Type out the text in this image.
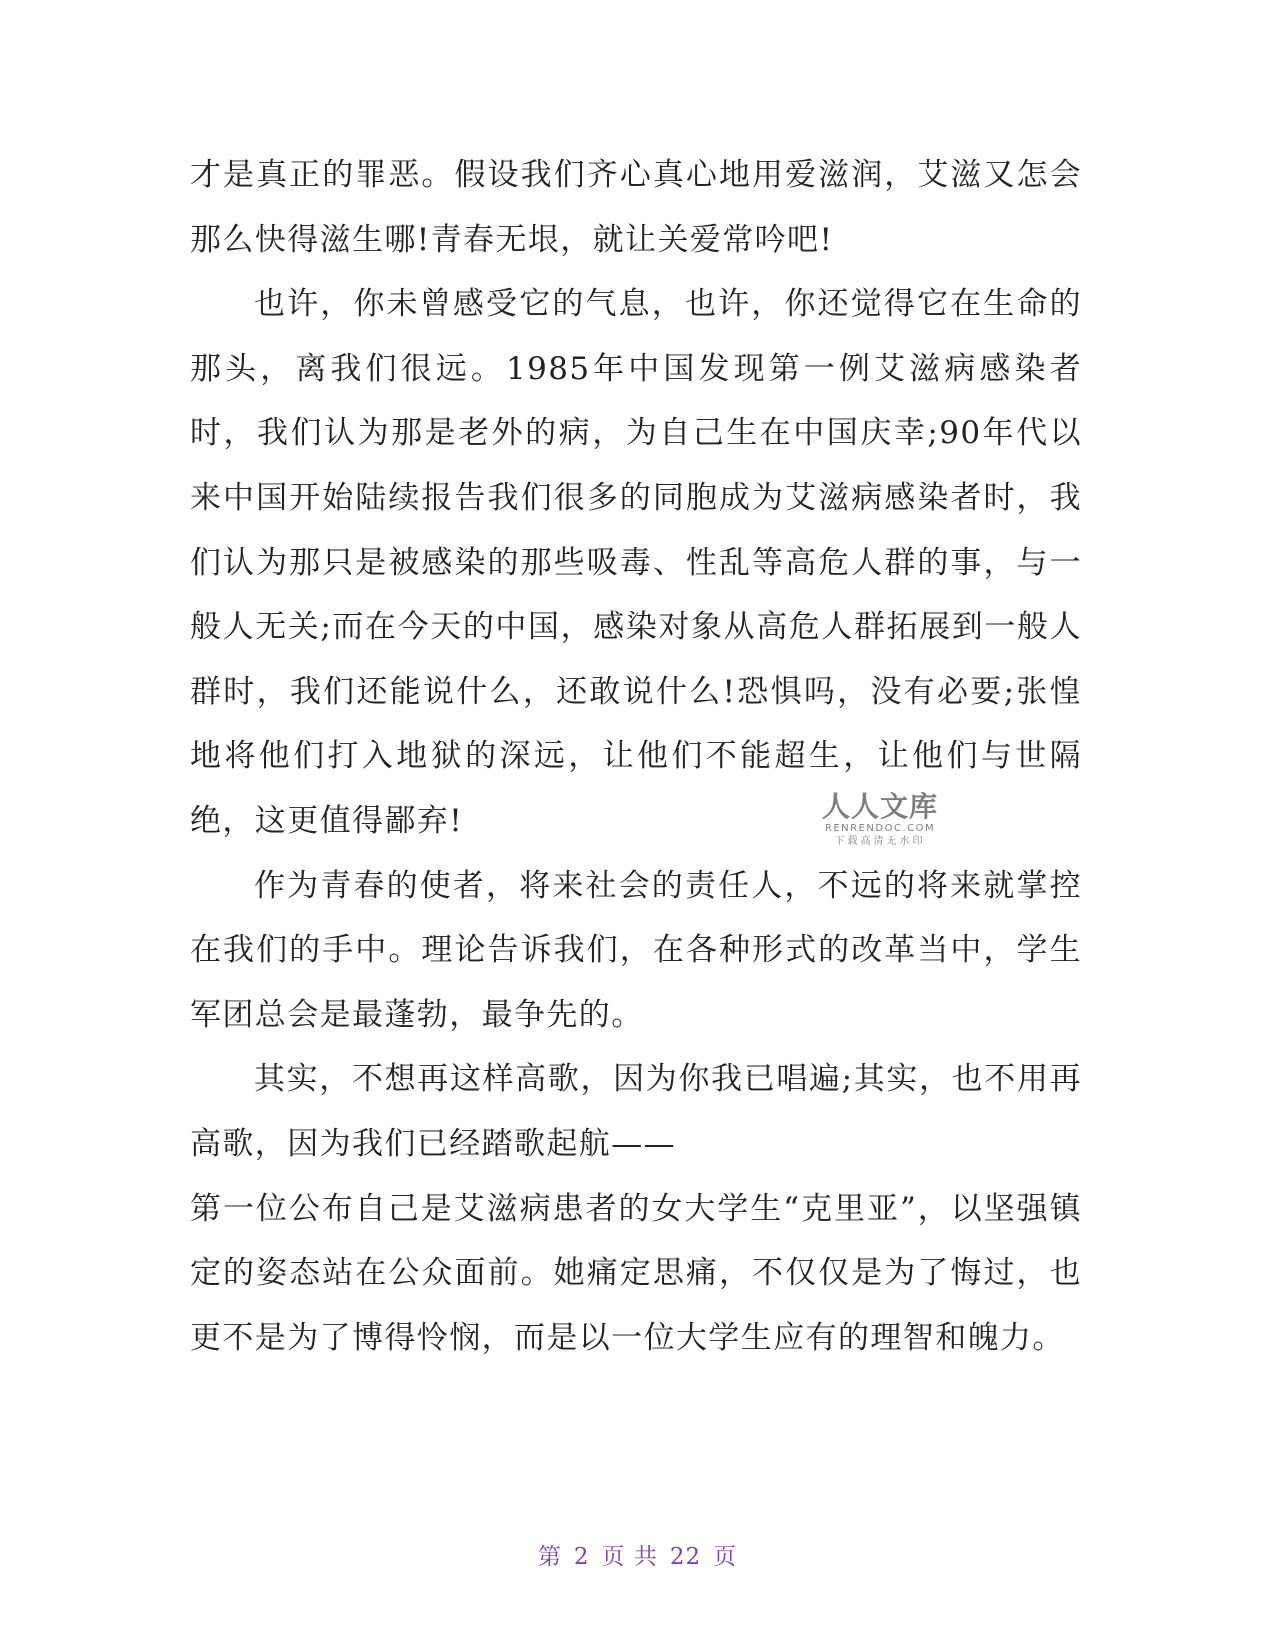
才是真正的罪恶。假设我们齐心真心地用爱滋润，艾滋又怎会那么快得滋生哪!青春无垠，就让关爱常吟吧!

也许，你未曾感受它的气息，也许，你还觉得它在生命的那头，离我们很远。1985年中国发现第一例艾滋病感染者时，我们认为那是老外的病，为自己生在中国庆幸;90年代以来中国开始陆续报告我们很多的同胞成为艾滋病感染者时，我们认为那只是被感染的那些吸毒、性乱等高危人群的事，与一般人无关;而在今天的中国，感染对象从高危人群拓展到一般人群时，我们还能说什么，还敢说什么!恐惧吗，没有必要;张惶地将他们打入地狱的深远，让他们不能超生，让他们与世隔绝，这更值得鄙弃!

作为青春的使者，将来社会的责任人，不远的将来就掌控在我们的手中。理论告诉我们，在各种形式的改革当中，学生军团总会是最蓬勃，最争先的。

其实，不想再这样高歌，因为你我已唱遍;其实，也不用再高歌，因为我们已经踏歌起航——

第一位公布自己是艾滋病患者的女大学生“克里亚”，以坚强镇定的姿态站在公众面前。她痛定思痛，不仅仅是为了悔过，也更不是为了博得怜悯，而是以一位大学生应有的理智和魄力。

人人文库
RENRENDOC.COM
下载高清无水印
第 2 页 共 22 页
